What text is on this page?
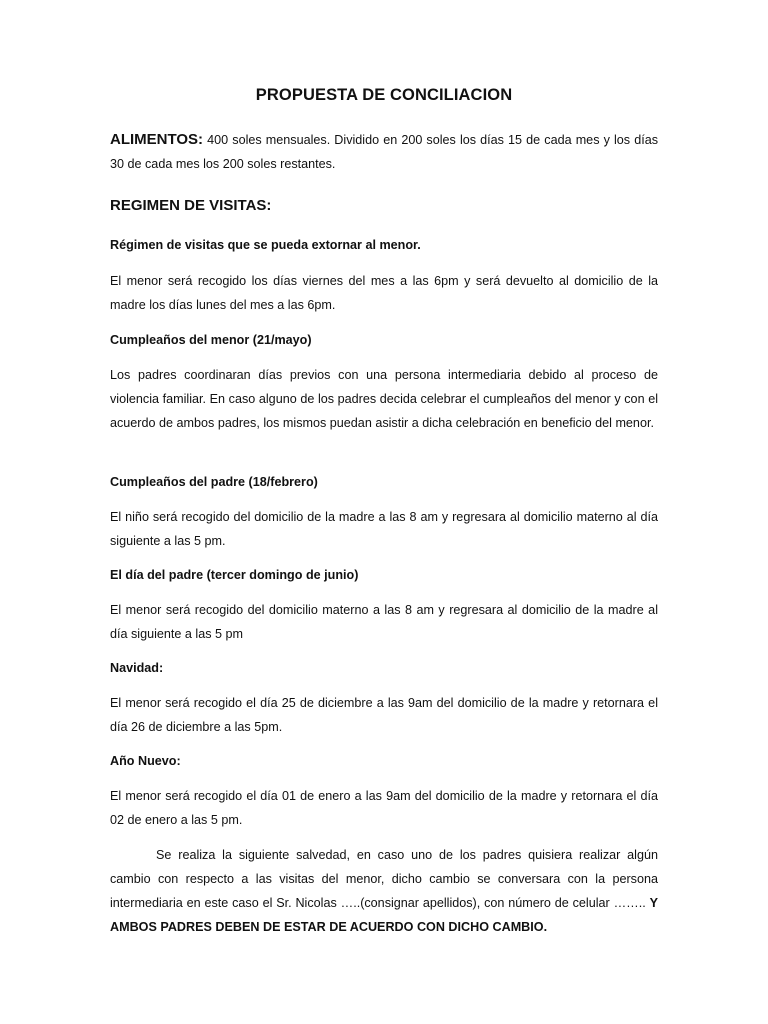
PROPUESTA DE CONCILIACION

ALIMENTOS: 400 soles mensuales. Dividido en 200 soles los días 15 de cada mes y los días 30 de cada mes los 200 soles restantes.

REGIMEN DE VISITAS:
Régimen de visitas que se pueda extornar al menor.

El menor será recogido los días viernes del mes a las 6pm y será devuelto al domicilio de la madre los días lunes del mes a las 6pm.

Cumpleaños del menor (21/mayo)

Los padres coordinaran días previos con una persona intermediaria debido al proceso de violencia familiar. En caso alguno de los padres decida celebrar el cumpleaños del menor y con el acuerdo de ambos padres, los mismos puedan asistir a dicha celebración en beneficio del menor.

Cumpleaños del padre (18/febrero)

El niño será recogido del domicilio de la madre a las 8 am y regresara al domicilio materno al día siguiente a las 5 pm.

El día del padre (tercer domingo de junio)

El menor será recogido del domicilio materno a las 8 am y regresara al domicilio de la madre al día siguiente a las 5 pm

Navidad:

El menor será recogido el día 25 de diciembre a las 9am del domicilio de la madre y retornara el día 26 de diciembre a las 5pm.

Año Nuevo:

El menor será recogido el día 01 de enero a las 9am del domicilio de la madre y retornara el día 02 de enero a las 5 pm.

Se realiza la siguiente salvedad, en caso uno de los padres quisiera realizar algún cambio con respecto a las visitas del menor, dicho cambio se conversara con la persona intermediaria en este caso el Sr. Nicolas …..(consignar apellidos), con número de celular …….. Y AMBOS PADRES DEBEN DE ESTAR DE ACUERDO CON DICHO CAMBIO.
